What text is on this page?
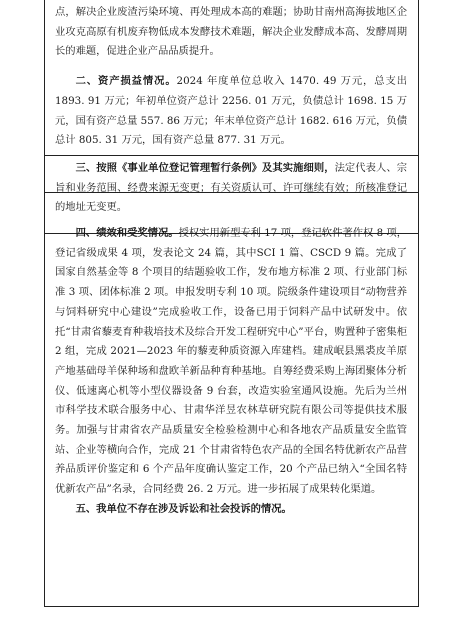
点，解决企业废渣污染环境、再处理成本高的难题；协助甘南州高海拔地区企业攻克高原有机废弃物低成本发酵技术难题，解决企业发酵成本高、发酵周期长的难题，促进企业产品品质提升。

二、资产损益情况。2024 年度单位总收入 1470. 49 万元，总支出 1893. 91 万元；年初单位资产总计 2256. 01 万元，负债总计 1698. 15 万元，国有资产总量 557. 86 万元；年末单位资产总计 1682. 616 万元，负债总计 805. 31 万元，国有资产总量 877. 31 万元。

三、按照《事业单位登记管理暂行条例》及其实施细则，法定代表人、宗旨和业务范围、经费来源无变更；有关资质认可、许可继续有效；所核准登记的地址无变更。

四、绩效和受奖情况。授权实用新型专利 17 项，登记软件著作权 8 项，登记省级成果 4 项，发表论文 24 篇，其中SCI 1 篇、CSCD 9 篇。完成了国家自然基金等 8 个项目的结题验收工作，发布地方标准 2 项、行业部门标准 3 项、团体标准 2 项。申报发明专利 10 项。院级条件建设项目“动物营养与饲料研究中心建设”完成验收工作，设备已用于饲料产品中试研发中。依托“甘肃省藜麦育种栽培技术及综合开发工程研究中心”平台，购置种子密集柜 2 组，完成 2021—2023 年的藜麦种质资源入库建档。建成岷县黑裘皮羊原产地基础母羊保种场和盘欧羊新品种育种基地。自筹经费采购上海团聚体分析仪、低速离心机等小型仪器设备 9 台套，改造实验室通风设施。先后为兰州市科学技术联合服务中心、甘肃华洋昱农林草研究院有限公司等提供技术服务。加强与甘肃省农产品质量安全检验检测中心和各地农产品质量安全监管站、企业等横向合作，完成 21 个甘肃省特色农产品的全国名特优新农产品营养品质评价鉴定和 6 个产品年度确认鉴定工作，20 个产品已纳入“全国名特优新农产品”名录，合同经费 26. 2 万元。进一步拓展了成果转化渠道。

五、我单位不存在涉及诉讼和社会投诉的情况。
